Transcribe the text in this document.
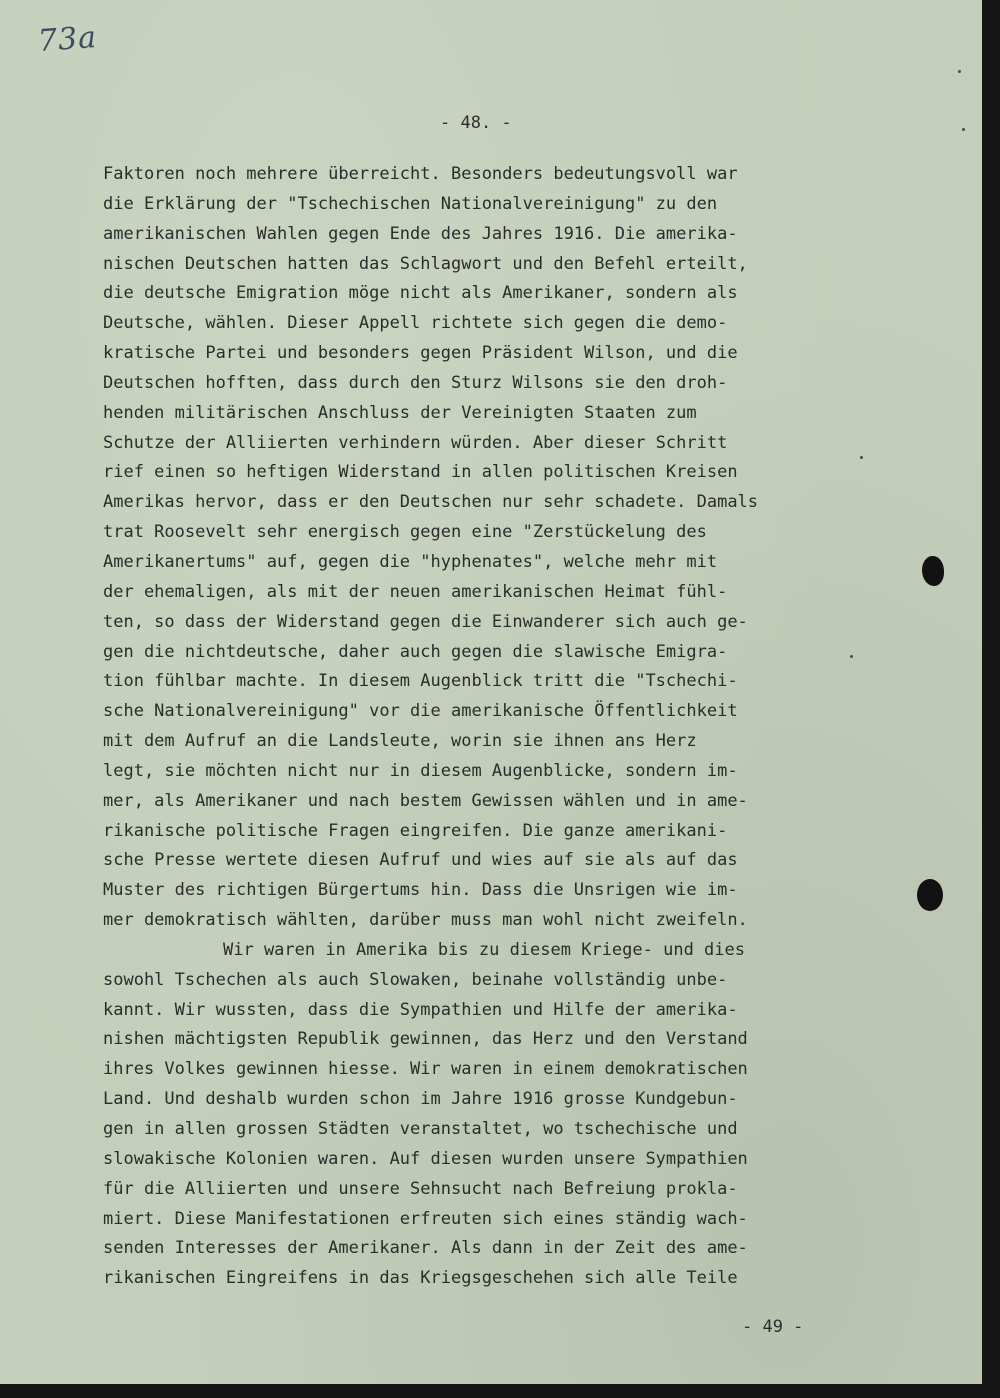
73a
- 48. -
Faktoren noch mehrere überreicht. Besonders bedeutungsvoll war
die Erklärung der "Tschechischen Nationalvereinigung" zu den
amerikanischen Wahlen gegen Ende des Jahres 1916. Die amerika-
nischen Deutschen hatten das Schlagwort und den Befehl erteilt,
die deutsche Emigration möge nicht als Amerikaner, sondern als
Deutsche, wählen. Dieser Appell richtete sich gegen die demo-
kratische Partei und besonders gegen Präsident Wilson, und die
Deutschen hofften, dass durch den Sturz Wilsons sie den droh-
henden militärischen Anschluss der Vereinigten Staaten zum
Schutze der Alliierten verhindern würden. Aber dieser Schritt
rief einen so heftigen Widerstand in allen politischen Kreisen
Amerikas hervor, dass er den Deutschen nur sehr schadete. Damals
trat Roosevelt sehr energisch gegen eine "Zerstückelung des
Amerikanertums" auf, gegen die "hyphenates", welche mehr mit
der ehemaligen, als mit der neuen amerikanischen Heimat fühl-
ten, so dass der Widerstand gegen die Einwanderer sich auch ge-
gen die nichtdeutsche, daher auch gegen die slawische Emigra-
tion fühlbar machte. In diesem Augenblick tritt die "Tschechi-
sche Nationalvereinigung" vor die amerikanische Öffentlichkeit
mit dem Aufruf an die Landsleute, worin sie ihnen ans Herz
legt, sie möchten nicht nur in diesem Augenblicke, sondern im-
mer, als Amerikaner und nach bestem Gewissen wählen und in ame-
rikanische politische Fragen eingreifen. Die ganze amerikani-
sche Presse wertete diesen Aufruf und wies auf sie als auf das
Muster des richtigen Bürgertums hin. Dass die Unsrigen wie im-
mer demokratisch wählten, darüber muss man wohl nicht zweifeln.
Wir waren in Amerika bis zu diesem Kriege- und dies
sowohl Tschechen als auch Slowaken, beinahe vollständig unbe-
kannt. Wir wussten, dass die Sympathien und Hilfe der amerika-
nishen mächtigsten Republik gewinnen, das Herz und den Verstand
ihres Volkes gewinnen hiesse. Wir waren in einem demokratischen
Land. Und deshalb wurden schon im Jahre 1916 grosse Kundgebun-
gen in allen grossen Städten veranstaltet, wo tschechische und
slowakische Kolonien waren. Auf diesen wurden unsere Sympathien
für die Alliierten und unsere Sehnsucht nach Befreiung prokla-
miert. Diese Manifestationen erfreuten sich eines ständig wach-
senden Interesses der Amerikaner. Als dann in der Zeit des ame-
rikanischen Eingreifens in das Kriegsgeschehen sich alle Teile
- 49 -
